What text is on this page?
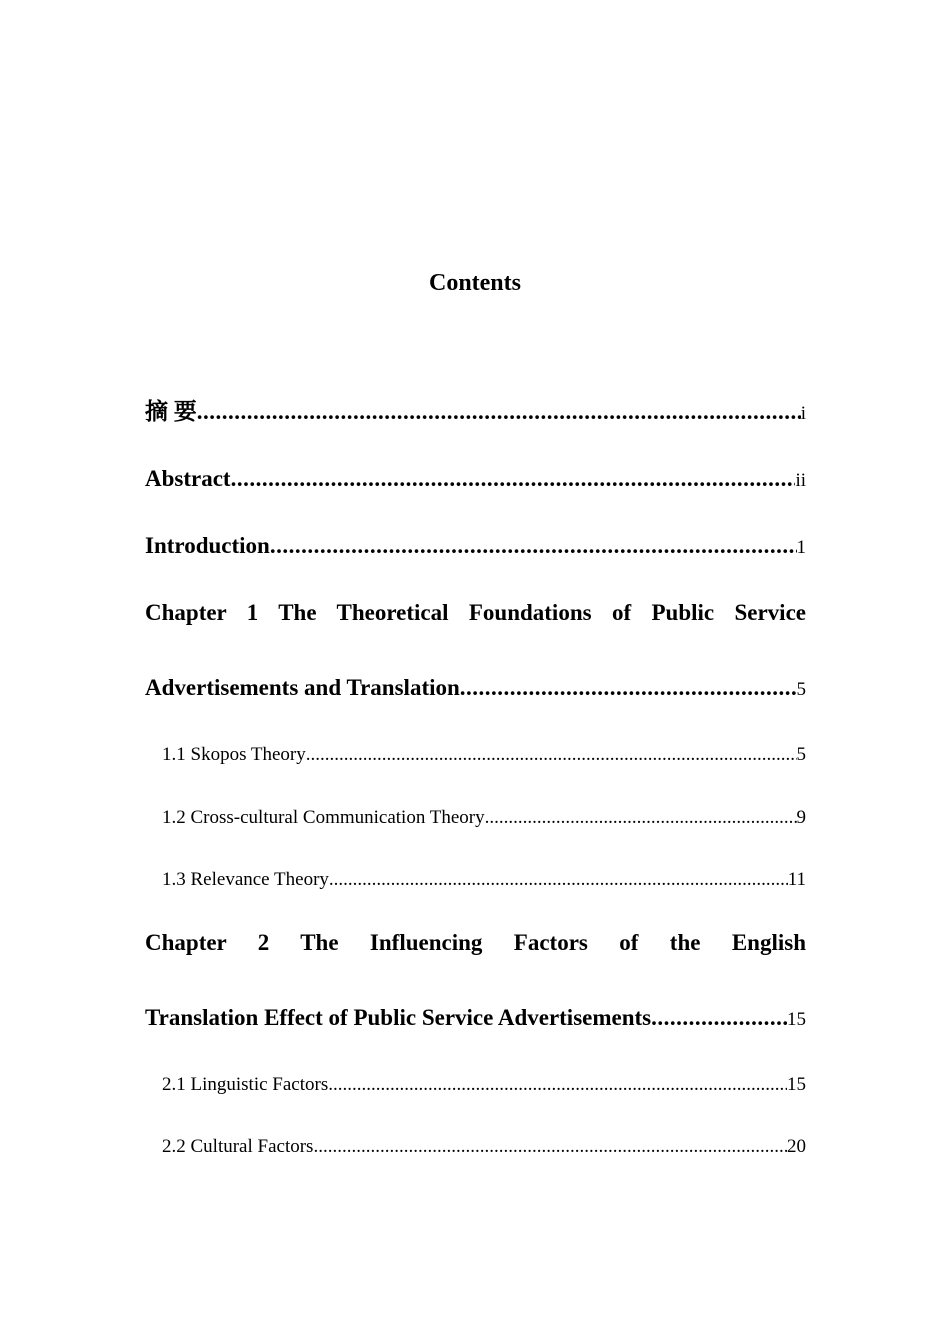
Contents
摘 要 .....	i
Abstract .....	ii
Introduction .....	1
Chapter 1 The Theoretical Foundations of Public Service
Advertisements and Translation .....	5
1.1 Skopos Theory .....	5
1.2 Cross-cultural Communication Theory .....	9
1.3 Relevance Theory .....	11
Chapter 2 The Influencing Factors of the English
Translation Effect of Public Service Advertisements .....	15
2.1 Linguistic Factors .....	15
2.2 Cultural Factors .....	20
